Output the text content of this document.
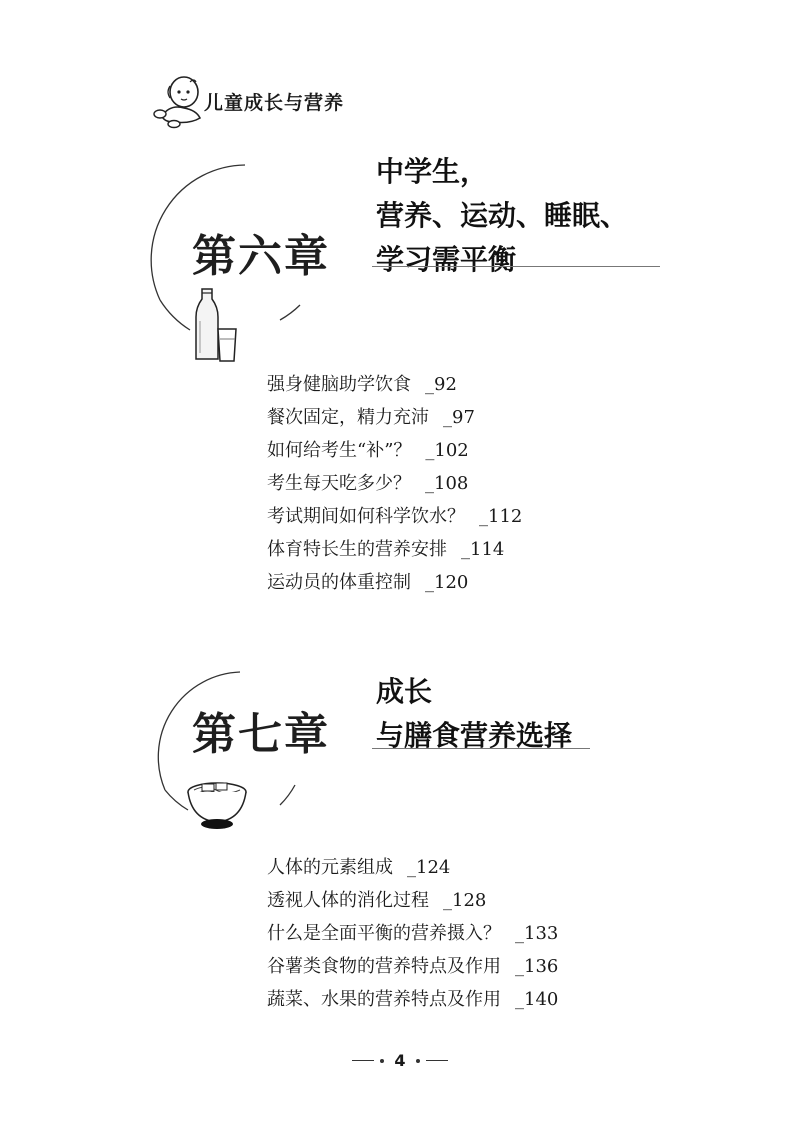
儿童成长与营养
第六章
中学生，
营养、运动、睡眠、
学习需平衡
强身健脑助学饮食 _92
餐次固定，精力充沛 _97
如何给考生“补”？ _102
考生每天吃多少？ _108
考试期间如何科学饮水？ _112
体育特长生的营养安排 _114
运动员的体重控制 _120
第七章
成长
与膳食营养选择
人体的元素组成 _124
透视人体的消化过程 _128
什么是全面平衡的营养摄入？ _133
谷薯类食物的营养特点及作用 _136
蔬菜、水果的营养特点及作用 _140
4
